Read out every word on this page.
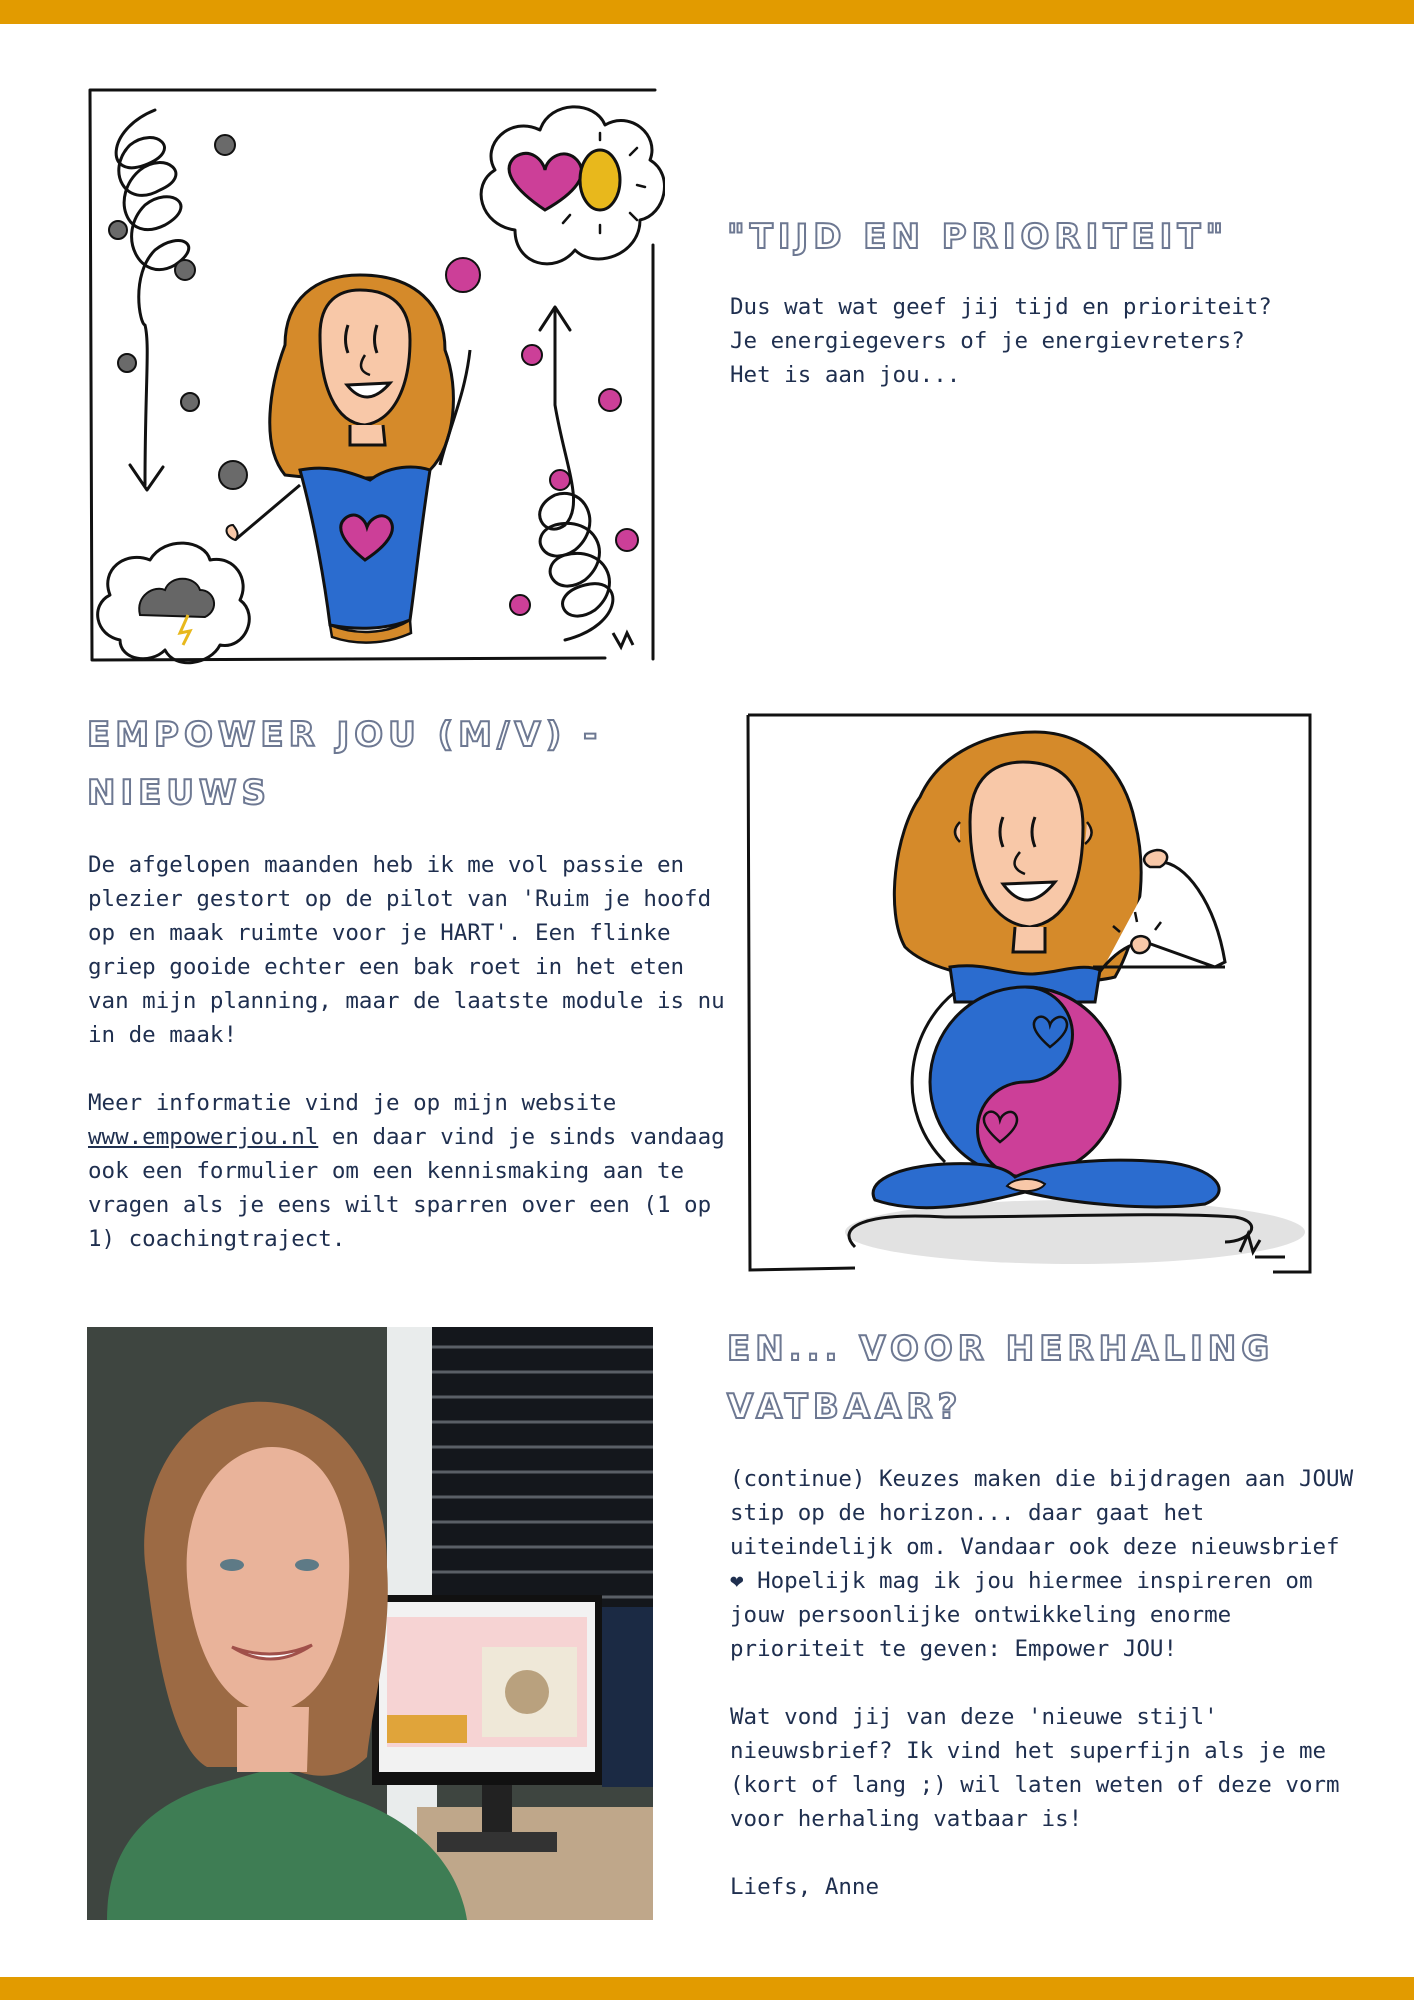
"TIJD EN PRIORITEIT"
Dus wat wat geef jij tijd en prioriteit?
Je energiegevers of je energievreters?
Het is aan jou...
EMPOWER JOU (M/V) -
NIEUWS

De afgelopen maanden heb ik me vol passie en plezier gestort op de pilot van 'Ruim je hoofd op en maak ruimte voor je HART'. Een flinke griep gooide echter een bak roet in het eten van mijn planning, maar de laatste module is nu in de maak!

Meer informatie vind je op mijn website www.empowerjou.nl en daar vind je sinds vandaag ook een formulier om een kennismaking aan te vragen als je eens wilt sparren over een (1 op 1) coachingtraject.

EN... VOOR HERHALING
VATBAAR?

(continue) Keuzes maken die bijdragen aan JOUW stip op de horizon... daar gaat het uiteindelijk om. Vandaar ook deze nieuwsbrief ❤ Hopelijk mag ik jou hiermee inspireren om jouw persoonlijke ontwikkeling enorme prioriteit te geven: Empower JOU!

Wat vond jij van deze 'nieuwe stijl' nieuwsbrief? Ik vind het superfijn als je me (kort of lang ;) wil laten weten of deze vorm voor herhaling vatbaar is!

Liefs, Anne
